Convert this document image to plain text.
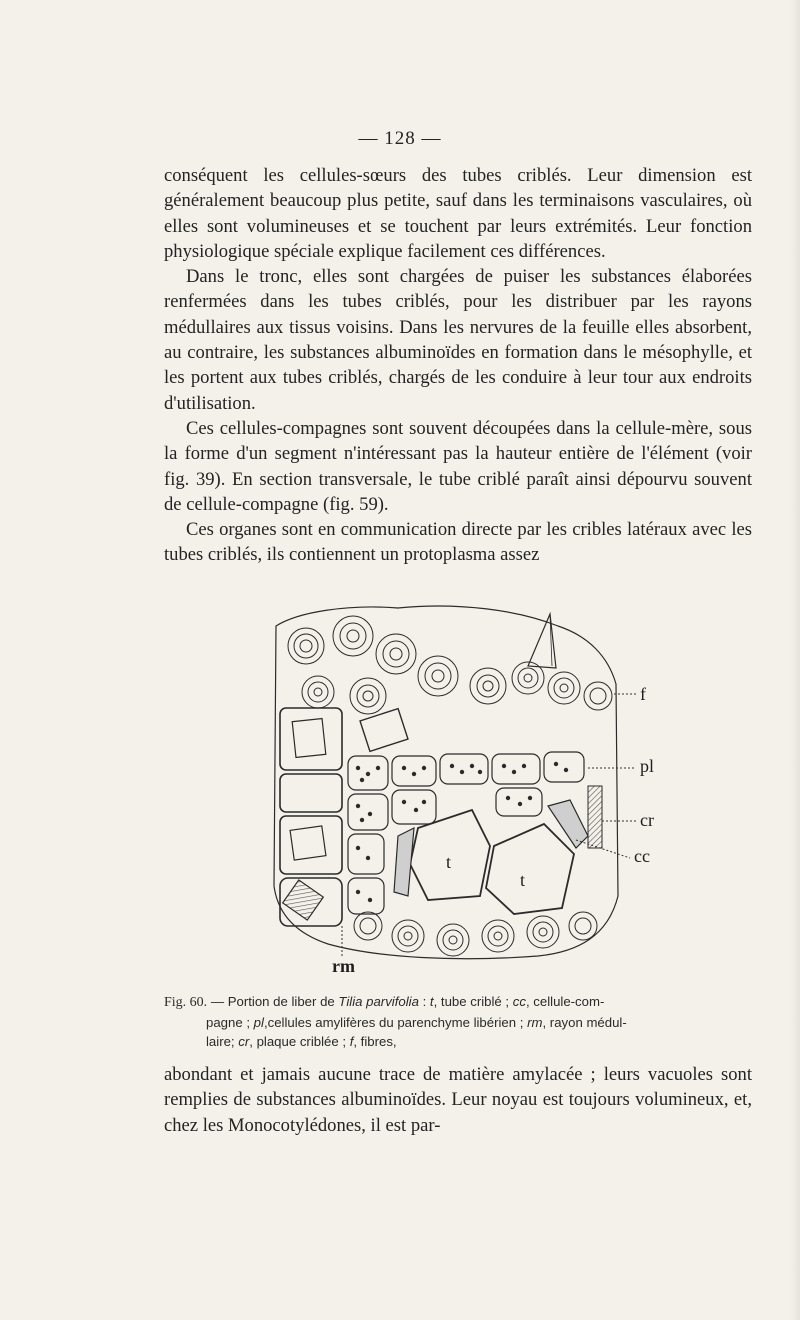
— 128 —

conséquent les cellules-sœurs des tubes criblés. Leur dimension est généralement beaucoup plus petite, sauf dans les terminaisons vasculaires, où elles sont volumineuses et se touchent par leurs extrémités. Leur fonction physiologique spéciale explique facilement ces différences.

Dans le tronc, elles sont chargées de puiser les substances élaborées renfermées dans les tubes criblés, pour les distribuer par les rayons médullaires aux tissus voisins. Dans les nervures de la feuille elles absorbent, au contraire, les substances albuminoïdes en formation dans le mésophylle, et les portent aux tubes criblés, chargés de les conduire à leur tour aux endroits d'utilisation.

Ces cellules-compagnes sont souvent découpées dans la cellule-mère, sous la forme d'un segment n'intéressant pas la hauteur entière de l'élément (voir fig. 39). En section transversale, le tube criblé paraît ainsi dépourvu souvent de cellule-compagne (fig. 59).

Ces organes sont en communication directe par les cribles latéraux avec les tubes criblés, ils contiennent un protoplasma assez

f
pl
cr
cc
t
t
rm

Fig. 60. — Portion de liber de Tilia parvifolia : t, tube criblé ; cc, cellule-com-

pagne ; pl,cellules amylifères du parenchyme libérien ; rm, rayon médul-

laire; cr, plaque criblée ; f, fibres,

abondant et jamais aucune trace de matière amylacée ; leurs vacuoles sont remplies de substances albuminoïdes. Leur noyau est toujours volumineux, et, chez les Monocotylédones, il est par-
